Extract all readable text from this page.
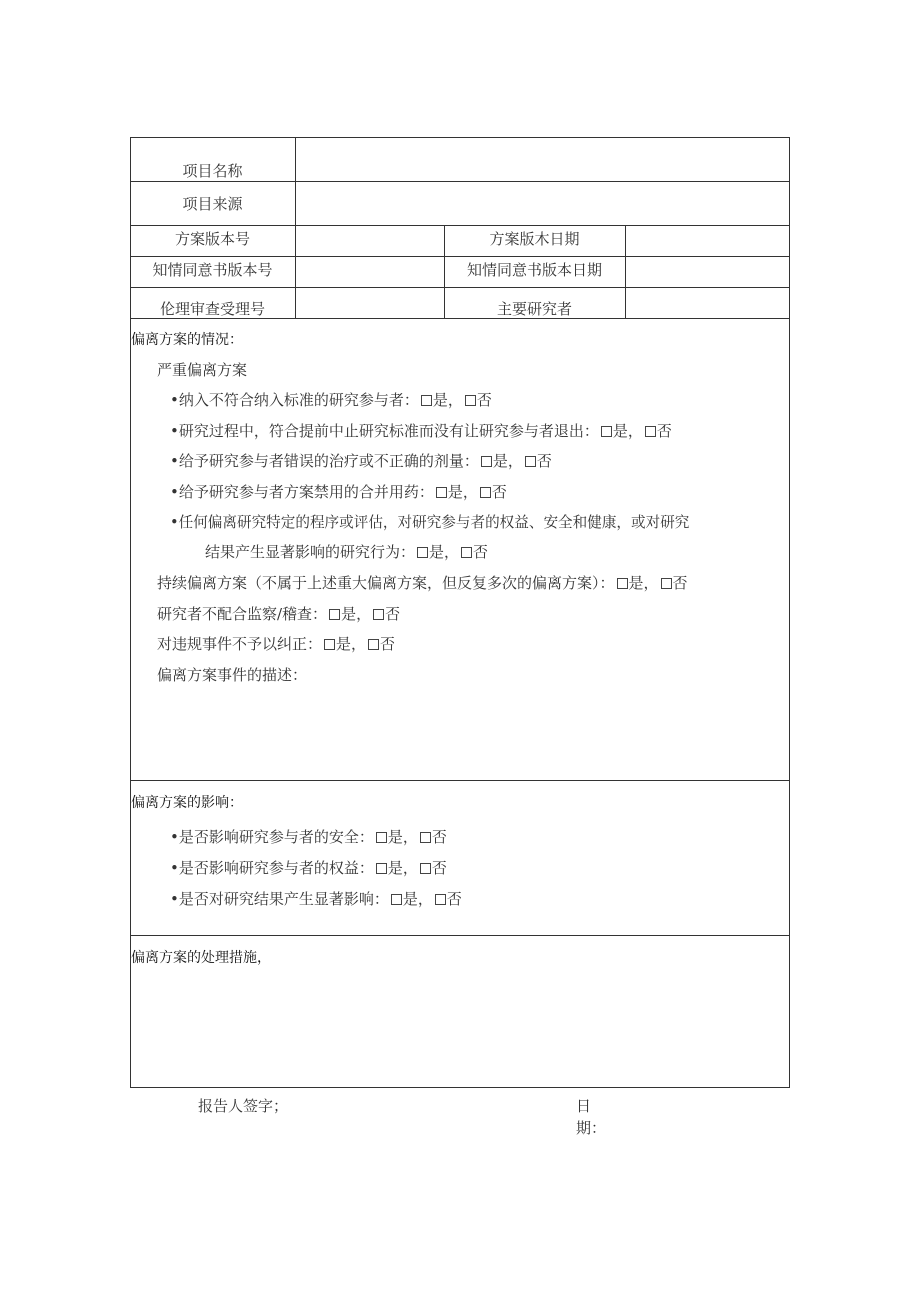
项目名称
项目来源
方案版本号	方案版木日期
知情同意书版本号	知情同意书版本日期
伦理审查受理号	主要研究者
偏离方案的情况：
严重偏离方案
•纳入不符合纳入标准的研究参与者： 是， 否
•研究过程中，符合提前中止研究标准而没有让研究参与者退出： 是， 否
•给予研究参与者错误的治疗或不正确的剂量： 是， 否
•给予研究参与者方案禁用的合并用药： 是， 否
•任何偏离研究特定的程序或评估，对研究参与者的权益、安全和健康，或对研究
结果产生显著影响的研究行为： 是， 否
持续偏离方案（不属于上述重大偏离方案，但反复多次的偏离方案）： 是， 否
研究者不配合监察/稽查： 是， 否
对违规事件不予以纠正： 是， 否
偏离方案事件的描述：
偏离方案的影响：
•是否影响研究参与者的安全： 是， 否
•是否影响研究参与者的权益： 是， 否
•是否对研究结果产生显著影响： 是， 否
偏离方案的处理措施，
报告人签字；	日
期：
